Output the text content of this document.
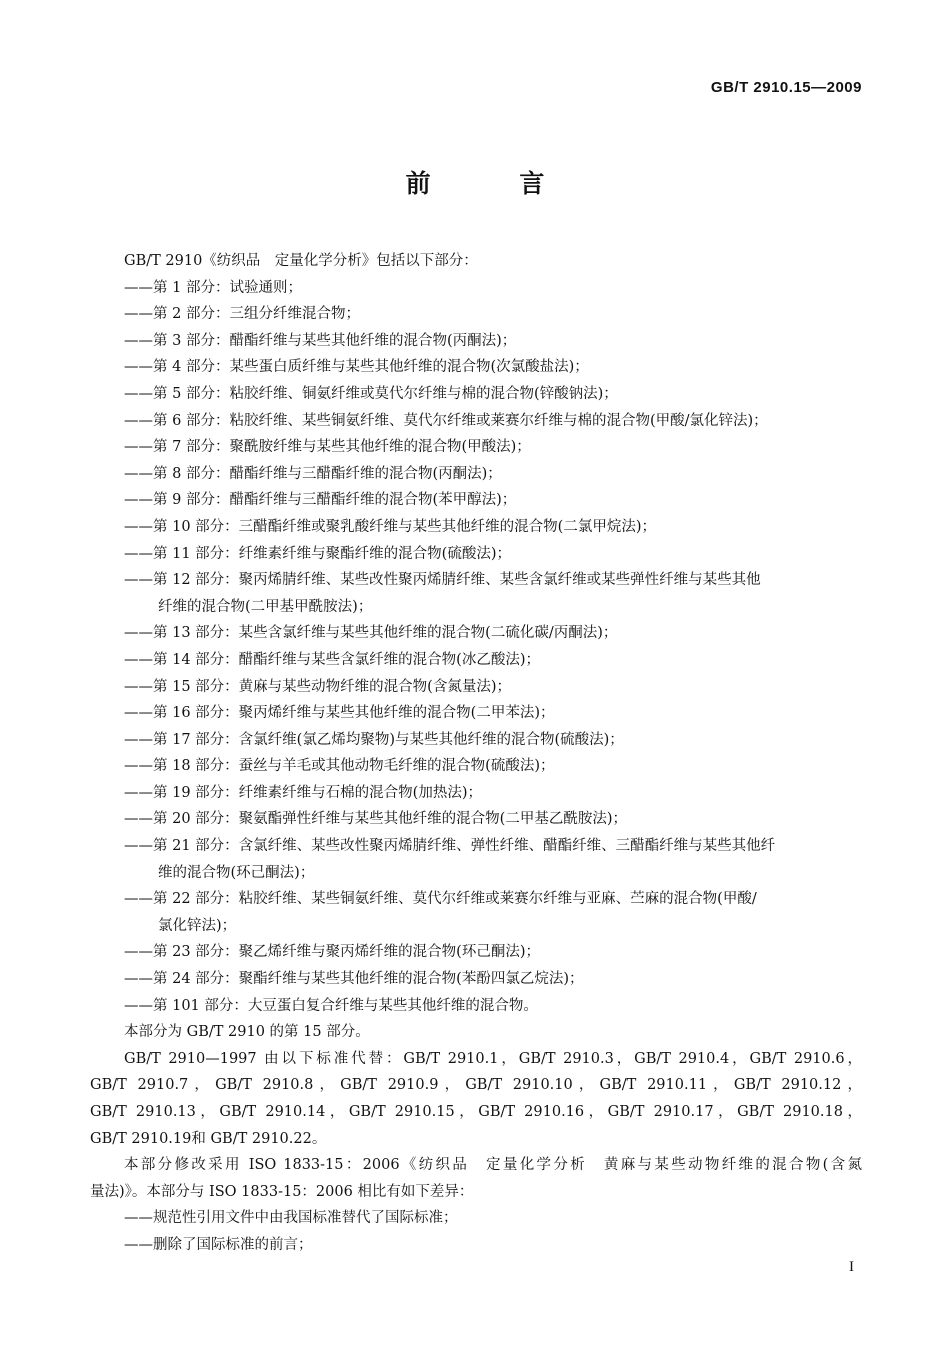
GB/T 2910.15—2009
前 言
GB/T 2910《纺织品　定量化学分析》包括以下部分：
——第 1 部分：试验通则；
——第 2 部分：三组分纤维混合物；
——第 3 部分：醋酯纤维与某些其他纤维的混合物(丙酮法)；
——第 4 部分：某些蛋白质纤维与某些其他纤维的混合物(次氯酸盐法)；
——第 5 部分：粘胶纤维、铜氨纤维或莫代尔纤维与棉的混合物(锌酸钠法)；
——第 6 部分：粘胶纤维、某些铜氨纤维、莫代尔纤维或莱赛尔纤维与棉的混合物(甲酸/氯化锌法)；
——第 7 部分：聚酰胺纤维与某些其他纤维的混合物(甲酸法)；
——第 8 部分：醋酯纤维与三醋酯纤维的混合物(丙酮法)；
——第 9 部分：醋酯纤维与三醋酯纤维的混合物(苯甲醇法)；
——第 10 部分：三醋酯纤维或聚乳酸纤维与某些其他纤维的混合物(二氯甲烷法)；
——第 11 部分：纤维素纤维与聚酯纤维的混合物(硫酸法)；
——第 12 部分：聚丙烯腈纤维、某些改性聚丙烯腈纤维、某些含氯纤维或某些弹性纤维与某些其他
纤维的混合物(二甲基甲酰胺法)；
——第 13 部分：某些含氯纤维与某些其他纤维的混合物(二硫化碳/丙酮法)；
——第 14 部分：醋酯纤维与某些含氯纤维的混合物(冰乙酸法)；
——第 15 部分：黄麻与某些动物纤维的混合物(含氮量法)；
——第 16 部分：聚丙烯纤维与某些其他纤维的混合物(二甲苯法)；
——第 17 部分：含氯纤维(氯乙烯均聚物)与某些其他纤维的混合物(硫酸法)；
——第 18 部分：蚕丝与羊毛或其他动物毛纤维的混合物(硫酸法)；
——第 19 部分：纤维素纤维与石棉的混合物(加热法)；
——第 20 部分：聚氨酯弹性纤维与某些其他纤维的混合物(二甲基乙酰胺法)；
——第 21 部分：含氯纤维、某些改性聚丙烯腈纤维、弹性纤维、醋酯纤维、三醋酯纤维与某些其他纤
维的混合物(环己酮法)；
——第 22 部分：粘胶纤维、某些铜氨纤维、莫代尔纤维或莱赛尔纤维与亚麻、苎麻的混合物(甲酸/
氯化锌法)；
——第 23 部分：聚乙烯纤维与聚丙烯纤维的混合物(环己酮法)；
——第 24 部分：聚酯纤维与某些其他纤维的混合物(苯酚四氯乙烷法)；
——第 101 部分：大豆蛋白复合纤维与某些其他纤维的混合物。
本部分为 GB/T 2910 的第 15 部分。
GB/T 2910—1997 由以下标准代替：GB/T 2910.1，GB/T 2910.3，GB/T 2910.4，GB/T 2910.6，
GB/T 2910.7，GB/T 2910.8，GB/T 2910.9，GB/T 2910.10，GB/T 2910.11，GB/T 2910.12，
GB/T 2910.13，GB/T 2910.14，GB/T 2910.15，GB/T 2910.16，GB/T 2910.17，GB/T 2910.18，
GB/T 2910.19和 GB/T 2910.22。
本部分修改采用 ISO 1833-15：2006《纺织品　定量化学分析　黄麻与某些动物纤维的混合物(含氮
量法)》。本部分与 ISO 1833-15：2006 相比有如下差异：
——规范性引用文件中由我国标准替代了国际标准；
——删除了国际标准的前言；
I
